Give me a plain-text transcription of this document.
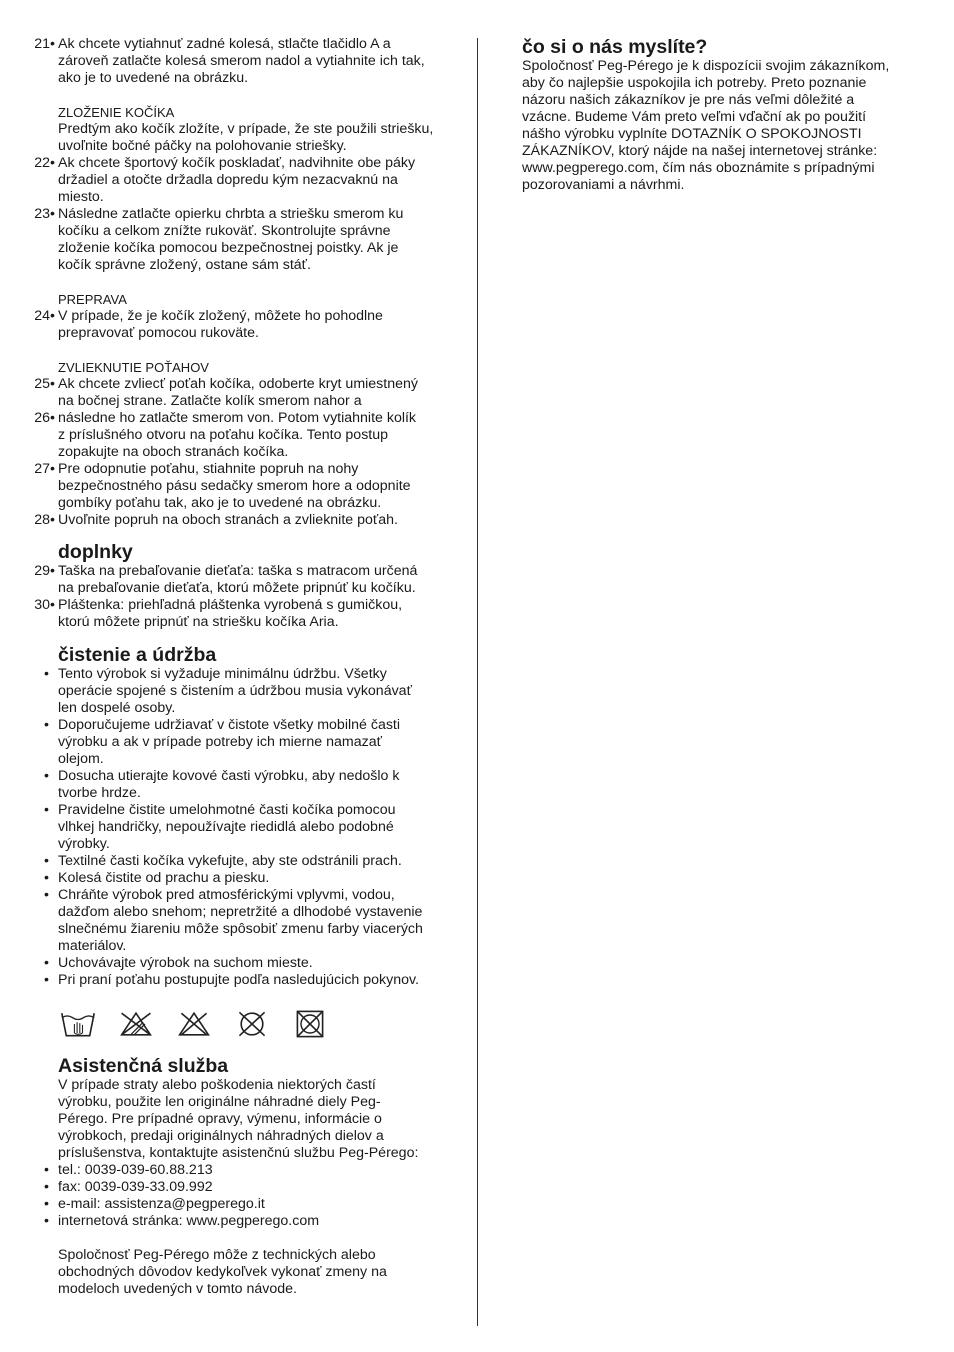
21 • Ak chcete vytiahnuť zadné kolesá, stlačte tlačidlo A a
zároveň zatlačte kolesá smerom nadol a vytiahnite ich tak,
ako je to uvedené na obrázku.
ZLOŽENIE KOČÍKA
Predtým ako kočík zložíte, v prípade, že ste použili striešku,
uvoľnite bočné páčky na polohovanie striešky.
22 • Ak chcete športový kočík poskladať, nadvihnite obe páky
držadiel a otočte držadla dopredu kým nezacvaknú na
miesto.
23 • Následne zatlačte opierku chrbta a striešku smerom ku
kočíku a celkom znížte rukoväť. Skontrolujte správne
zloženie kočíka pomocou bezpečnostnej poistky. Ak je
kočík správne zložený, ostane sám stáť.
PREPRAVA
24 • V prípade, že je kočík zložený, môžete ho pohodlne
prepravovať pomocou rukoväte.
ZVLIEKNUTIE POŤAHOV
25 • Ak chcete zvliecť poťah kočíka, odoberte kryt umiestnený
na bočnej strane. Zatlačte kolík smerom nahor a
26 • následne ho zatlačte smerom von. Potom vytiahnite kolík
z príslušného otvoru na poťahu kočíka. Tento postup
zopakujte na oboch stranách kočíka.
27 • Pre odopnutie poťahu, stiahnite popruh na nohy
bezpečnostného pásu sedačky smerom hore a odopnite
gombíky poťahu tak, ako je to uvedené na obrázku.
28 • Uvoľnite popruh na oboch stranách a zvlieknite poťah.
doplnky
29 • Taška na prebaľovanie dieťaťa: taška s matracom určená
na prebaľovanie dieťaťa, ktorú môžete pripnúť ku kočíku.
30 • Pláštenka: priehľadná pláštenka vyrobená s gumičkou,
ktorú môžete pripnúť na striešku kočíka Aria.
čistenie a údržba
• Tento výrobok si vyžaduje minimálnu údržbu. Všetky
operácie spojené s čistením a údržbou musia vykonávať
len dospelé osoby.
• Doporučujeme udržiavať v čistote všetky mobilné časti
výrobku a ak v prípade potreby ich mierne namazať
olejom.
• Dosucha utierajte kovové časti výrobku, aby nedošlo k
tvorbe hrdze.
• Pravidelne čistite umelohmotné časti kočíka pomocou
vlhkej handričky, nepoužívajte riedidlá alebo podobné
výrobky.
• Textilné časti kočíka vykefujte, aby ste odstránili prach.
• Kolesá čistite od prachu a piesku.
• Chráňte výrobok pred atmosférickými vplyvmi, vodou,
dažďom alebo snehom; nepretržité a dlhodobé vystavenie
slnečnému žiareniu môže spôsobiť zmenu farby viacerých
materiálov.
• Uchovávajte výrobok na suchom mieste.
• Pri praní poťahu postupujte podľa nasledujúcich pokynov.
Asistenčná služba
V prípade straty alebo poškodenia niektorých častí
výrobku, použite len originálne náhradné diely Peg-
Pérego. Pre prípadné opravy, výmenu, informácie o
výrobkoch, predaji originálnych náhradných dielov a
príslušenstva, kontaktujte asistenčnú službu Peg-Pérego:
• tel.: 0039-039-60.88.213
• fax: 0039-039-33.09.992
• e-mail: assistenza@pegperego.it
• internetová stránka: www.pegperego.com
Spoločnosť Peg-Pérego môže z technických alebo
obchodných dôvodov kedykoľvek vykonať zmeny na
modeloch uvedených v tomto návode.
čo si o nás myslíte?
Spoločnosť Peg-Pérego je k dispozícii svojim zákazníkom,
aby čo najlepšie uspokojila ich potreby. Preto poznanie
názoru našich zákazníkov je pre nás veľmi dôležité a
vzácne. Budeme Vám preto veľmi vďační ak po použití
nášho výrobku vyplníte DOTAZNÍK O SPOKOJNOSTI
ZÁKAZNÍKOV, ktorý nájde na našej internetovej stránke:
www.pegperego.com, čím nás oboznámite s prípadnými
pozorovaniami a návrhmi.
